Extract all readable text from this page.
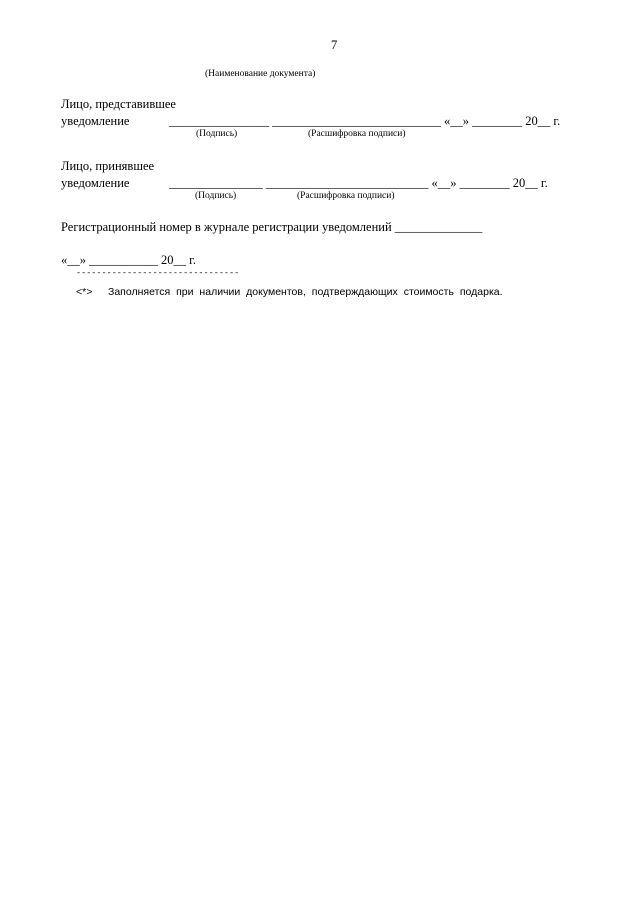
7
(Наименование документа)
Лицо, представившее
уведомление	________________ ___________________________ «__» ________ 20__ г.
(Подпись)	(Расшифровка подписи)
Лицо, принявшее
уведомление	_______________ __________________________ «__» ________ 20__ г.
(Подпись)	(Расшифровка подписи)
Регистрационный номер в журнале регистрации уведомлений ______________
«__» ___________ 20__ г.
--------------------------------
<*> Заполняется при наличии документов, подтверждающих стоимость подарка.
